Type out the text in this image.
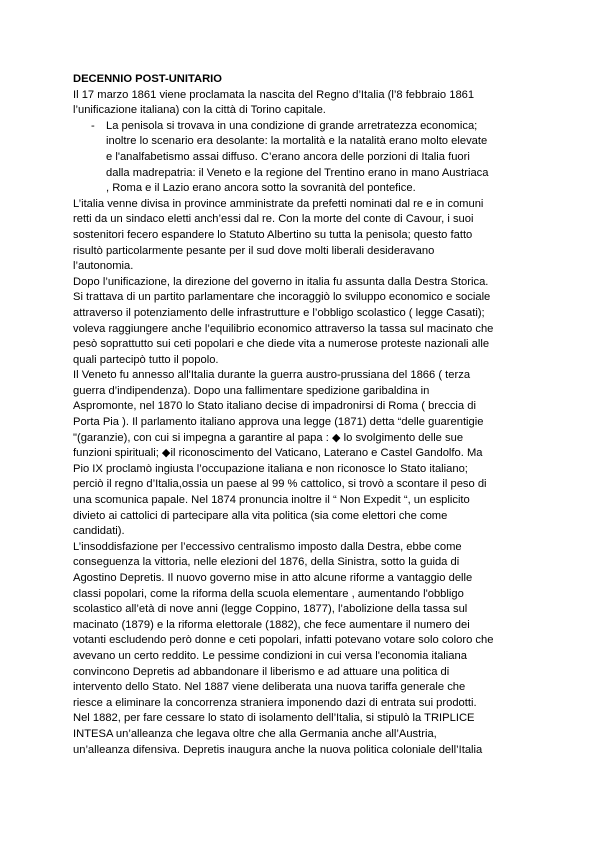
DECENNIO POST-UNITARIO
Il 17 marzo 1861 viene proclamata la nascita del Regno d’Italia (l’8 febbraio 1861
l’unificazione italiana) con la città di Torino capitale.
-	La penisola si trovava in una condizione di grande arretratezza economica;
inoltre lo scenario era desolante: la mortalità e la natalità erano molto elevate
e l'analfabetismo assai diffuso. C’erano ancora delle porzioni di Italia fuori
dalla madrepatria: il Veneto e la regione del Trentino erano in mano Austriaca
, Roma e il Lazio erano ancora sotto la sovranità del pontefice.
L’italia venne divisa in province amministrate da prefetti nominati dal re e in comuni
retti da un sindaco eletti anch’essi dal re. Con la morte del conte di Cavour, i suoi
sostenitori fecero espandere lo Statuto Albertino su tutta la penisola; questo fatto
risultò particolarmente pesante per il sud dove molti liberali desideravano
l’autonomia.
Dopo l’unificazione, la direzione del governo in italia fu assunta dalla Destra Storica.
Si trattava di un partito parlamentare che incoraggiò lo sviluppo economico e sociale
attraverso il potenziamento delle infrastrutture e l’obbligo scolastico ( legge Casati);
voleva raggiungere anche l’equilibrio economico attraverso la tassa sul macinato che
pesò soprattutto sui ceti popolari e che diede vita a numerose proteste nazionali alle
quali partecipò tutto il popolo.
Il Veneto fu annesso all'Italia durante la guerra austro-prussiana del 1866 ( terza
guerra d’indipendenza). Dopo una fallimentare spedizione garibaldina in
Aspromonte, nel 1870 lo Stato italiano decise di impadronirsi di Roma ( breccia di
Porta Pia ). Il parlamento italiano approva una legge (1871) detta “delle guarentigie
"(garanzie), con cui si impegna a garantire al papa : ◆ lo svolgimento delle sue
funzioni spirituali; ◆il riconoscimento del Vaticano, Laterano e Castel Gandolfo. Ma
Pio IX proclamò ingiusta l’occupazione italiana e non riconosce lo Stato italiano;
perciò il regno d’Italia,ossia un paese al 99 % cattolico, si trovò a scontare il peso di
una scomunica papale. Nel 1874 pronuncia inoltre il “ Non Expedit “, un esplicito
divieto ai cattolici di partecipare alla vita politica (sia come elettori che come
candidati).
L’insoddisfazione per l’eccessivo centralismo imposto dalla Destra, ebbe come
conseguenza la vittoria, nelle elezioni del 1876, della Sinistra, sotto la guida di
Agostino Depretis. Il nuovo governo mise in atto alcune riforme a vantaggio delle
classi popolari, come la riforma della scuola elementare , aumentando l'obbligo
scolastico all’età di nove anni (legge Coppino, 1877), l’abolizione della tassa sul
macinato (1879) e la riforma elettorale (1882), che fece aumentare il numero dei
votanti escludendo però donne e ceti popolari, infatti potevano votare solo coloro che
avevano un certo reddito. Le pessime condizioni in cui versa l'economia italiana
convincono Depretis ad abbandonare il liberismo e ad attuare una politica di
intervento dello Stato. Nel 1887 viene deliberata una nuova tariffa generale che
riesce a eliminare la concorrenza straniera imponendo dazi di entrata sui prodotti.
Nel 1882, per fare cessare lo stato di isolamento dell’Italia, si stipulò la TRIPLICE
INTESA un’alleanza che legava oltre che alla Germania anche all’Austria,
un’alleanza difensiva. Depretis inaugura anche la nuova politica coloniale dell’Italia
